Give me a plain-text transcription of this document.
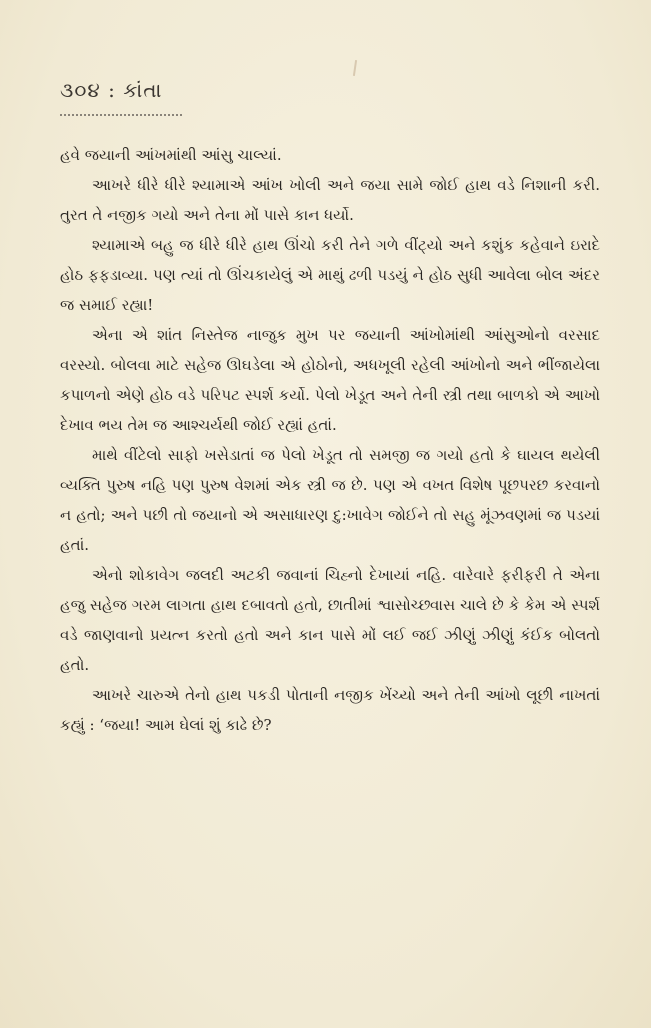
૩૦૪ : કાંતા

હવે જયાની આંખમાંથી આંસુ ચાલ્યાં.

આખરે ધીરે ધીરે શ્યામાએ આંખ ખોલી અને જયા સામે જોઈ હાથ વડે નિશાની કરી. તુરત તે નજીક ગયો અને તેના મોં પાસે કાન ધર્યો.

શ્યામાએ બહુ જ ધીરે ધીરે હાથ ઊંચો કરી તેને ગળે વીંટ્યો અને કશુંક કહેવાને ઇરાદે હોઠ ફફડાવ્યા. પણ ત્યાં તો ઊંચકાયેલું એ માથું ઢળી પડયું ને હોઠ સુધી આવેલા બોલ અંદર જ સમાઈ રહ્યા!

એના એ શાંત નિસ્તેજ નાજુક મુખ પર જયાની આંખોમાંથી આંસુઓનો વરસાદ વરસ્યો. બોલવા માટે સહેજ ઊઘડેલા એ હોઠોનો, અધખૂલી રહેલી આંખોનો અને ભીંજાયેલા કપાળનો એણે હોઠ વડે પરિપટ સ્પર્શ કર્યો. પેલો ખેડૂત અને તેની સ્ત્રી તથા બાળકો એ આખો દેખાવ ભય તેમ જ આશ્ચર્યથી જોઈ રહ્યાં હતાં.

માથે વીંટેલો સાફો ખસેડાતાં જ પેલો ખેડૂત તો સમજી જ ગયો હતો કે ઘાયલ થયેલી વ્યક્તિ પુરુષ નહિ પણ પુરુષ વેશમાં એક સ્ત્રી જ છે. પણ એ વખત વિશેષ પૂછપરછ કરવાનો ન હતો; અને પછી તો જયાનો એ અસાધારણ દુ:ખાવેગ જોઈને તો સહુ મૂંઝવણમાં જ પડયાં હતાં.

એનો શોકાવેગ જલદી અટકી જવાનાં ચિહ્નો દેખાયાં નહિ. વારેવારે ફરીફરી તે એના હજુ સહેજ ગરમ લાગતા હાથ દબાવતો હતો, છાતીમાં શ્વાસોચ્છ્વાસ ચાલે છે કે કેમ એ સ્પર્શ વડે જાણવાનો પ્રયત્ન કરતો હતો અને કાન પાસે મોં લઈ જઈ ઝીણું ઝીણું કંઈક બોલતો હતો.

આખરે ચારુએ તેનો હાથ પકડી પોતાની નજીક ખેંચ્યો અને તેની આંખો લૂછી નાખતાં કહ્યું : ‘જયા! આમ ઘેલાં શું કાઢે છે?
